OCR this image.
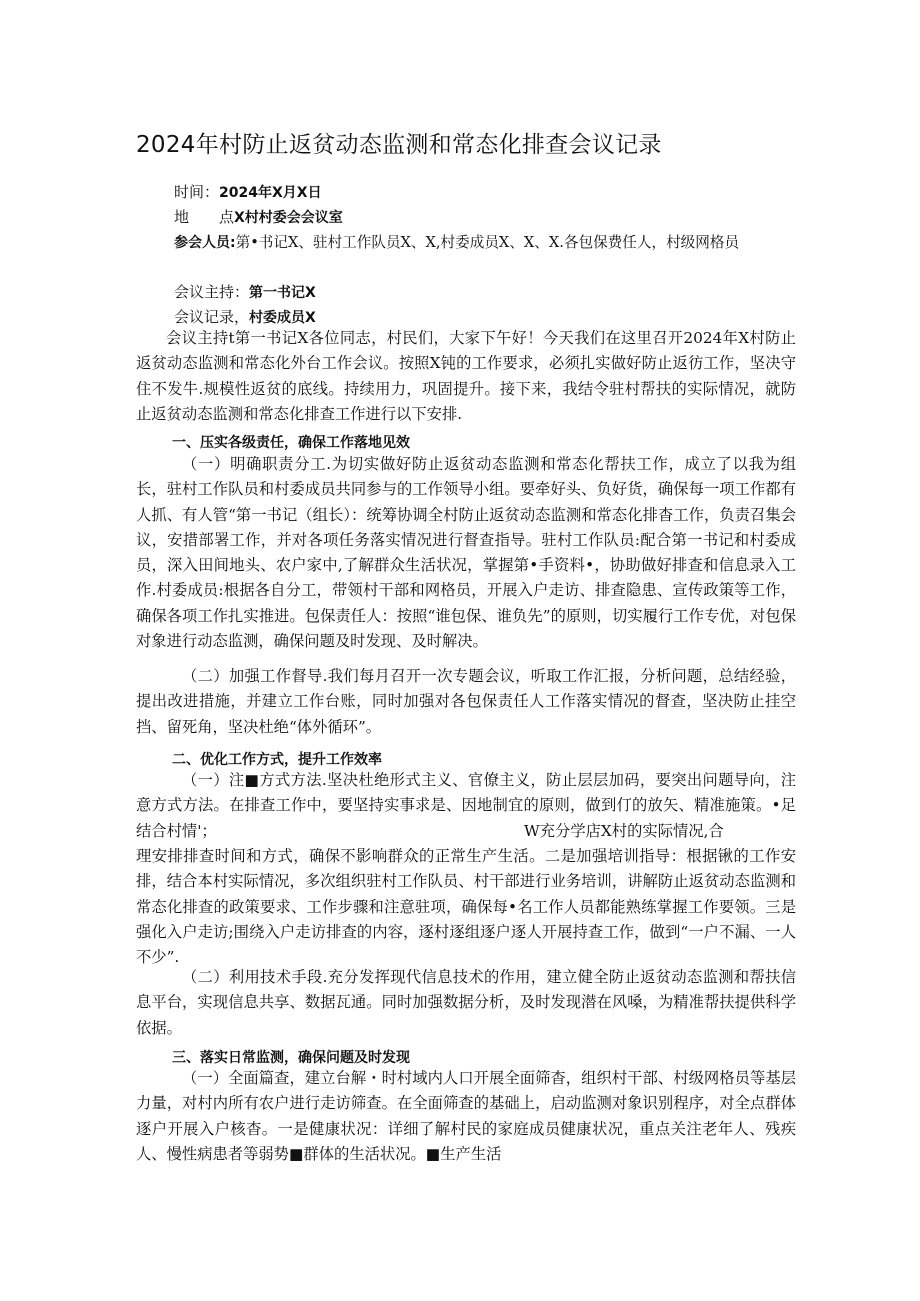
2024年村防止返贫动态监测和常态化排查会议记录
时间：2024年X月X日
地　　点X村村委会会议室
参会人员:第•书记X、驻村工作队员X、X,村委成员X、X、X.各包保费任人，村级网格员
会议主持：第一书记X
会议记录，村委成员X

会议主持t第一书记X各位同志，村民们，大家下午好！今天我们在这里召开2024年X村防止返贫动态监测和常态化外台工作会议。按照X钝的工作要求，必须扎实做好防止返彷工作，坚决守住不发牛.规模性返贫的底线。持续用力，巩固提升。接下来，我结令驻村帮扶的实际情况，就防止返贫动态监测和常态化排查工作进行以下安排.

一、压实各级责任，确保工作落地见效

（一）明确职责分工.为切实做好防止返贫动态监测和常态化帮扶工作，成立了以我为组长，驻村工作队员和村委成员共同参与的工作领导小组。要牵好头、负好货，确保每一项工作都有人抓、有人管“第一书记（组长）：统筹协调全村防止返贫动态监测和常态化排杳工作，负责召集会议，安措部署工作，并对各项任务落实情况进行督查指导。驻村工作队员:配合第一书记和村委成员，深入田间地头、农户家中,了解群众生活状况，掌握第•手资料•，协助做好排查和信息录入工作.村委成员:根据各自分工，带领村干部和网格员，开展入户走访、排查隐患、宣传政策等工作，确保各项工作扎实推进。包保责任人：按照“谁包保、谁负先”的原则，切实履行工作专优，对包保对象进行动态监测，确保问题及时发现、及时解决。

（二）加强工作督导.我们每月召开一次专题会议，听取工作汇报，分析问题，总结经验，提出改进措施，并建立工作台账，同时加强对各包保责任人工作落实情况的督查，坚决防止挂空挡、留死角，坚决杜绝“体外循环”。

二、优化工作方式，提升工作效率

（一）注■方式方法.坚决杜绝形式主义、官僚主义，防止层层加码，要突出问题导向，注意方式方法。在排查工作中，要坚持实事求是、因地制宜的原则，做到仃的放矢、精准施策。•足结合村情'；	W充分学店X村的实际情况,合

理安排排查时间和方式，确保不影响群众的正常生产生活。二是加强培训指导：根据锹的工作安排，结合本村实际情况，多次组织驻村工作队员、村干部进行业务培训，讲解防止返贫动态监测和常态化排查的政策要求、工作步骤和注意驻项，确保每•名工作人员都能熟练掌握工作要领。三是强化入户走访;围绕入户走访排查的内容，逐村逐组逐户逐人开展持查工作，做到“一户不漏、一人不少”.

（二）利用技术手段.充分发挥现代信息技术的作用，建立健全防止返贫动态监测和帮扶信息平台，实现信息共享、数据瓦通。同时加强数据分析，及时发现潜在风嗓，为精准帮扶提供科学依据。

三、落实日常监测，确保问题及时发现

（一）全面篇查，建立台解・时村域内人口开展全面筛杳，组织村干部、村级网格员等基层力量，对村内所有农户进行走访筛查。在全面筛查的基础上，启动监测对象识别程序，对全点群体逐户开展入户核杳。一是健康状况：详细了解村民的家庭成员健康状况，重点关注老年人、残疾人、慢性病患者等弱势■群体的生活状况。■生产生活
